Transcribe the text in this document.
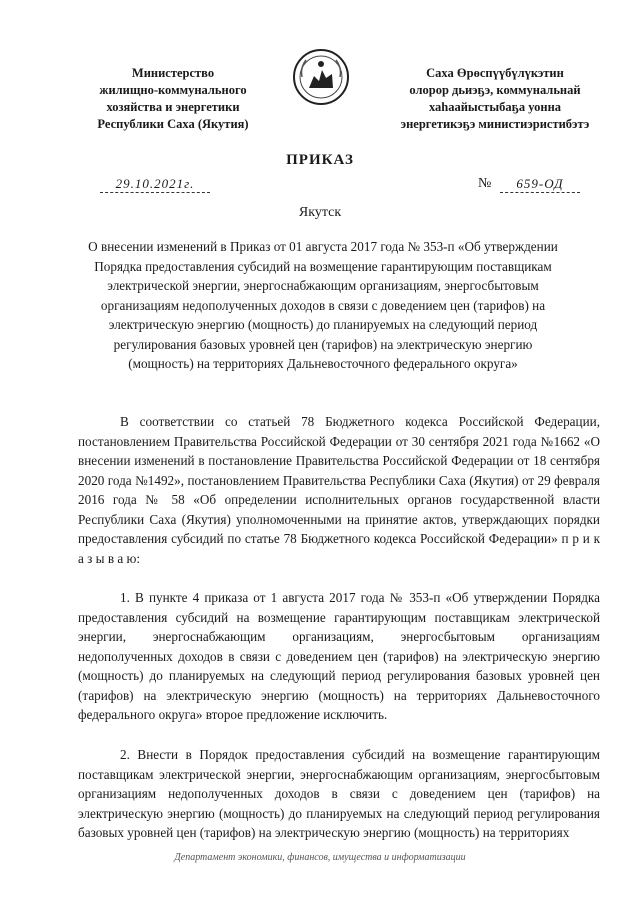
Министерство
жилищно-коммунального
хозяйства и энергетики
Республики Саха (Якутия)
Саха Өрөспүүбүлүкэтин
олорор дьиэҕэ, коммунальнай
хаһаайыстыбаҕа уонна
энергетикэҕэ министиэристибэтэ
ПРИКАЗ
29.10.2021г.	№	659-ОД
Якутск
О внесении изменений в Приказ от 01 августа 2017 года № 353-п «Об утверждении Порядка предоставления субсидий на возмещение гарантирующим поставщикам электрической энергии, энергоснабжающим организациям, энергосбытовым организациям недополученных доходов в связи с доведением цен (тарифов) на электрическую энергию (мощность) до планируемых на следующий период регулирования базовых уровней цен (тарифов) на электрическую энергию (мощность) на территориях Дальневосточного федерального округа»

В соответствии со статьей 78 Бюджетного кодекса Российской Федерации, постановлением Правительства Российской Федерации от 30 сентября 2021 года №1662 «О внесении изменений в постановление Правительства Российской Федерации от 18 сентября 2020 года №1492», постановлением Правительства Республики Саха (Якутия) от 29 февраля 2016 года № 58 «Об определении исполнительных органов государственной власти Республики Саха (Якутия) уполномоченными на принятие актов, утверждающих порядки предоставления субсидий по статье 78 Бюджетного кодекса Российской Федерации» п р и к а з ы в а ю:

1. В пункте 4 приказа от 1 августа 2017 года № 353-п «Об утверждении Порядка предоставления субсидий на возмещение гарантирующим поставщикам электрической энергии, энергоснабжающим организациям, энергосбытовым организациям недополученных доходов в связи с доведением цен (тарифов) на электрическую энергию (мощность) до планируемых на следующий период регулирования базовых уровней цен (тарифов) на электрическую энергию (мощность) на территориях Дальневосточного федерального округа» второе предложение исключить.

2. Внести в Порядок предоставления субсидий на возмещение гарантирующим поставщикам электрической энергии, энергоснабжающим организациям, энергосбытовым организациям недополученных доходов в связи с доведением цен (тарифов) на электрическую энергию (мощность) до планируемых на следующий период регулирования базовых уровней цен (тарифов) на электрическую энергию (мощность) на территориях

Департамент экономики, финансов, имущества и информатизации
